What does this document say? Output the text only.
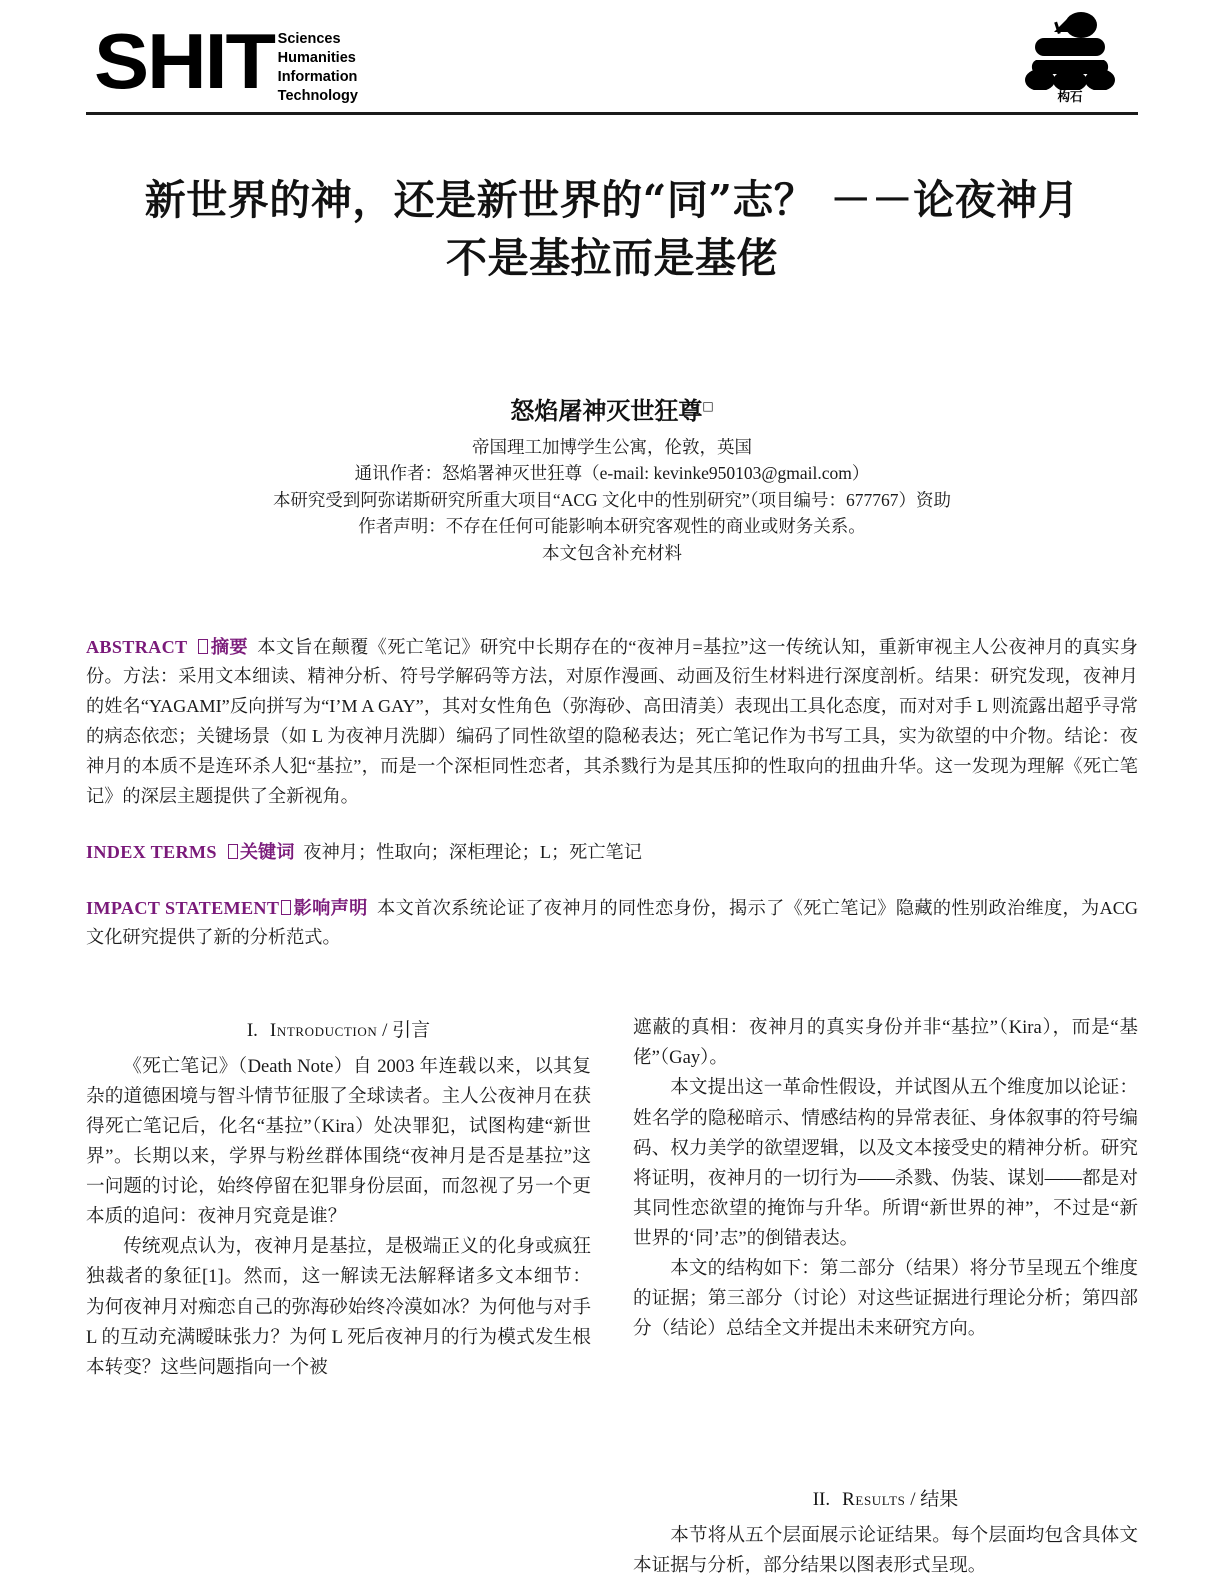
SHIT Sciences
Humanities
Information
Technology	构石
新世界的神，还是新世界的“同”志？ －－论夜神月不是基拉而是基佬
怒焰屠神灭世狂尊□
帝国理工加博学生公寓，伦敦，英国
通讯作者：怒焰署神灭世狂尊（e-mail: kevinke950103@gmail.com）
本研究受到阿弥诺斯研究所重大项目“ACG 文化中的性别研究”（项目编号：677767）资助
作者声明：不存在任何可能影响本研究客观性的商业或财务关系。
本文包含补充材料

ABSTRACT 摘要 本文旨在颠覆《死亡笔记》研究中长期存在的“夜神月=基拉”这一传统认知，重新审视主人公夜神月的真实身份。方法：采用文本细读、精神分析、符号学解码等方法，对原作漫画、动画及衍生材料进行深度剖析。结果：研究发现，夜神月的姓名“YAGAMI”反向拼写为“I’M A GAY”，其对女性角色（弥海砂、高田清美）表现出工具化态度，而对对手 L 则流露出超乎寻常的病态依恋；关键场景（如 L 为夜神月洗脚）编码了同性欲望的隐秘表达；死亡笔记作为书写工具，实为欲望的中介物。结论：夜神月的本质不是连环杀人犯“基拉”，而是一个深柜同性恋者，其杀戮行为是其压抑的性取向的扭曲升华。这一发现为理解《死亡笔记》的深层主题提供了全新视角。

INDEX TERMS 关键词 夜神月；性取向；深柜理论；L；死亡笔记

IMPACT STATEMENT 影响声明 本文首次系统论证了夜神月的同性恋身份，揭示了《死亡笔记》隐藏的性别政治维度，为ACG文化研究提供了新的分析范式。

I. Introduction / 引言

《死亡笔记》（Death Note）自 2003 年连载以来，以其复杂的道德困境与智斗情节征服了全球读者。主人公夜神月在获得死亡笔记后，化名“基拉”（Kira）处决罪犯，试图构建“新世界”。长期以来，学界与粉丝群体围绕“夜神月是否是基拉”这一问题的讨论，始终停留在犯罪身份层面，而忽视了另一个更本质的追问：夜神月究竟是谁？

传统观点认为，夜神月是基拉，是极端正义的化身或疯狂独裁者的象征[1]。然而，这一解读无法解释诸多文本细节：为何夜神月对痴恋自己的弥海砂始终冷漠如冰？为何他与对手 L 的互动充满暧昧张力？为何 L 死后夜神月的行为模式发生根本转变？这些问题指向一个被

遮蔽的真相：夜神月的真实身份并非“基拉”（Kira），而是“基佬”（Gay）。

本文提出这一革命性假设，并试图从五个维度加以论证：姓名学的隐秘暗示、情感结构的异常表征、身体叙事的符号编码、权力美学的欲望逻辑，以及文本接受史的精神分析。研究将证明，夜神月的一切行为——杀戮、伪装、谋划——都是对其同性恋欲望的掩饰与升华。所谓“新世界的神”，不过是“新世界的‘同’志”的倒错表达。

本文的结构如下：第二部分（结果）将分节呈现五个维度的证据；第三部分（讨论）对这些证据进行理论分析；第四部分（结论）总结全文并提出未来研究方向。

II. Results / 结果

本节将从五个层面展示论证结果。每个层面均包含具体文本证据与分析，部分结果以图表形式呈现。
